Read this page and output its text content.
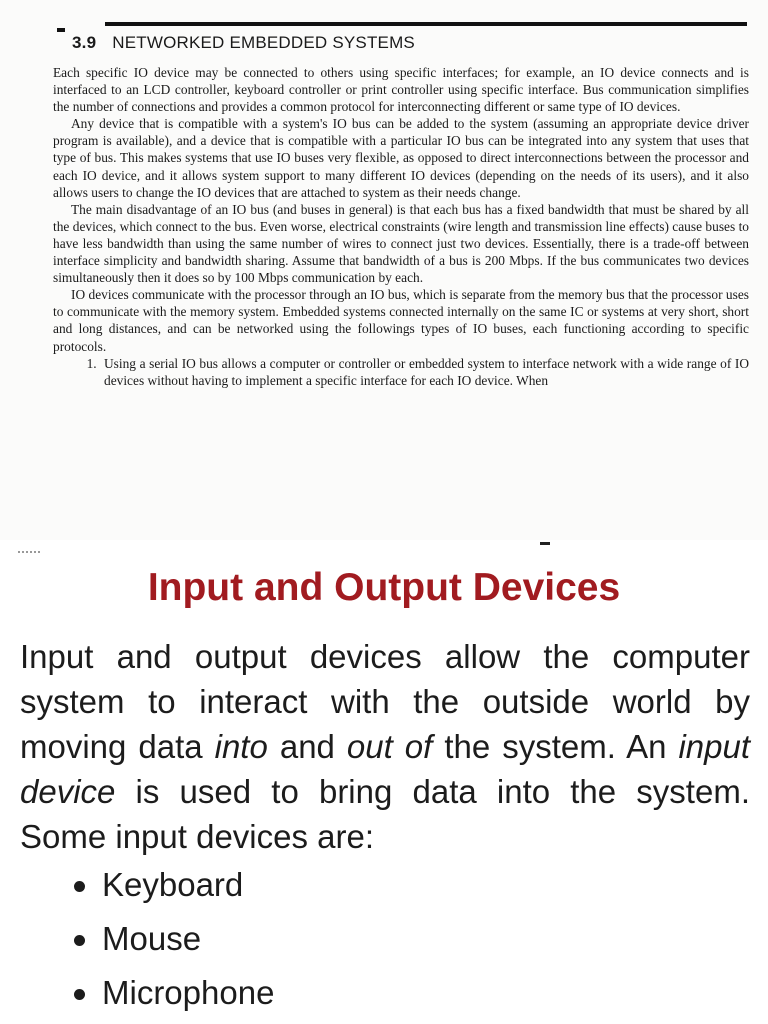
3.9 NETWORKED EMBEDDED SYSTEMS

Each specific IO device may be connected to others using specific interfaces; for example, an IO device connects and is interfaced to an LCD controller, keyboard controller or print controller using specific interface. Bus communication simplifies the number of connections and provides a common protocol for interconnecting different or same type of IO devices.

Any device that is compatible with a system's IO bus can be added to the system (assuming an appropriate device driver program is available), and a device that is compatible with a particular IO bus can be integrated into any system that uses that type of bus. This makes systems that use IO buses very flexible, as opposed to direct interconnections between the processor and each IO device, and it allows system support to many different IO devices (depending on the needs of its users), and it also allows users to change the IO devices that are attached to system as their needs change.

The main disadvantage of an IO bus (and buses in general) is that each bus has a fixed bandwidth that must be shared by all the devices, which connect to the bus. Even worse, electrical constraints (wire length and transmission line effects) cause buses to have less bandwidth than using the same number of wires to connect just two devices. Essentially, there is a trade-off between interface simplicity and bandwidth sharing. Assume that bandwidth of a bus is 200 Mbps. If the bus communicates two devices simultaneously then it does so by 100 Mbps communication by each.

IO devices communicate with the processor through an IO bus, which is separate from the memory bus that the processor uses to communicate with the memory system. Embedded systems connected internally on the same IC or systems at very short, short and long distances, and can be networked using the followings types of IO buses, each functioning according to specific protocols.

1. Using a serial IO bus allows a computer or controller or embedded system to interface network with a wide range of IO devices without having to implement a specific interface for each IO device. When
Input and Output Devices

Input and output devices allow the computer system to interact with the outside world by moving data into and out of the system. An input device is used to bring data into the system. Some input devices are:

Keyboard
Mouse
Microphone
